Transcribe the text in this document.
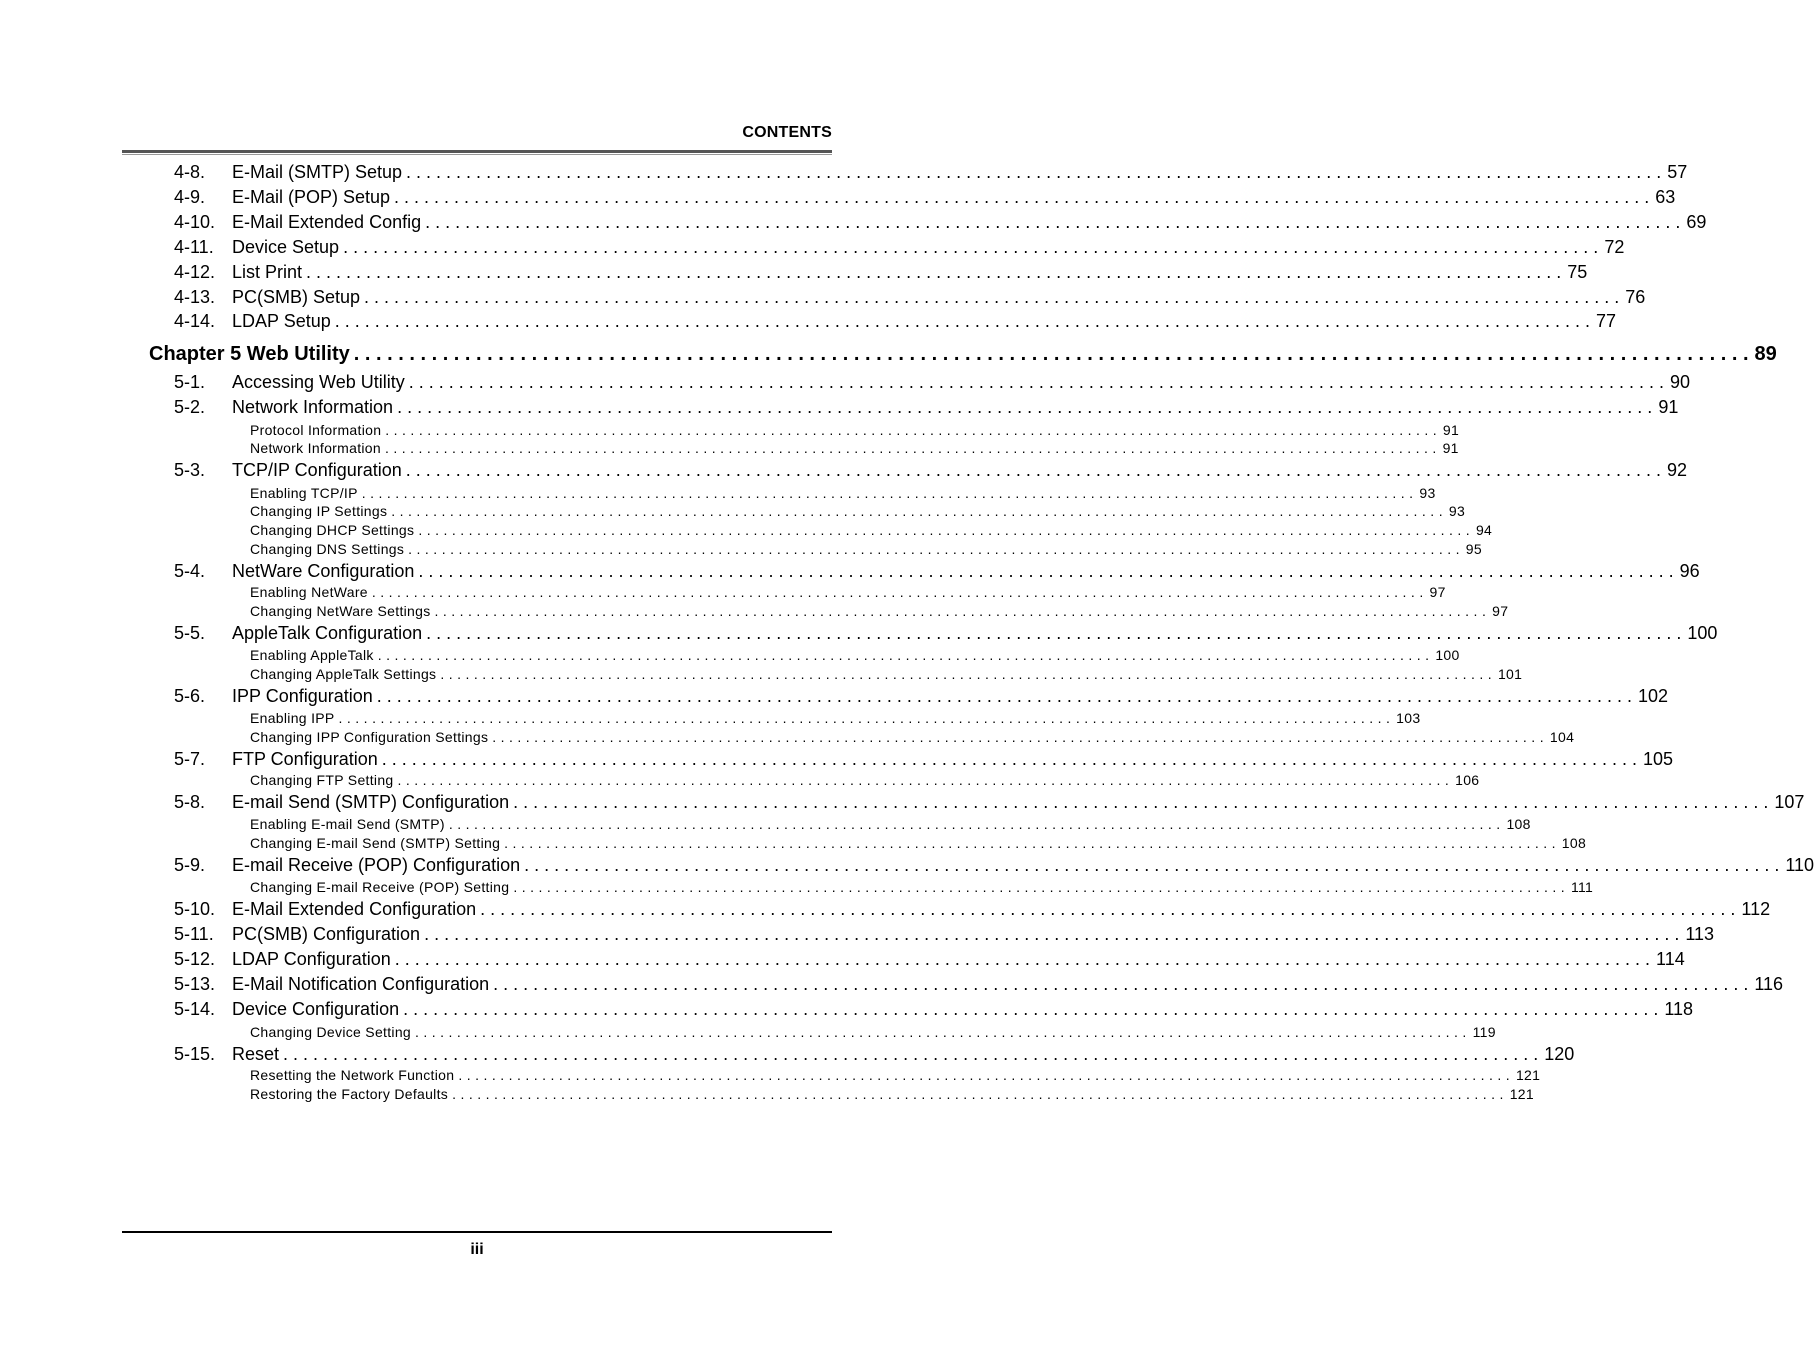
CONTENTS
4-8. E-Mail (SMTP) Setup . . .	57
4-9. E-Mail (POP) Setup . . .	63
4-10. E-Mail Extended Config . . .	69
4-11. Device Setup . . .	72
4-12. List Print . . .	75
4-13. PC(SMB) Setup . . .	76
4-14. LDAP Setup . . .	77
Chapter 5 Web Utility . . .	89
5-1. Accessing Web Utility . . .	90
5-2. Network Information . . .	91
Protocol Information . . .	91
Network Information . . .	91
5-3. TCP/IP Configuration . . .	92
Enabling TCP/IP . . .	93
Changing IP Settings . . .	93
Changing DHCP Settings . . .	94
Changing DNS Settings . . .	95
5-4. NetWare Configuration . . .	96
Enabling NetWare . . .	97
Changing NetWare Settings . . .	97
5-5. AppleTalk Configuration . . .	100
Enabling AppleTalk . . .	100
Changing AppleTalk Settings . . .	101
5-6. IPP Configuration . . .	102
Enabling IPP . . .	103
Changing IPP Configuration Settings . . .	104
5-7. FTP Configuration . . .	105
Changing FTP Setting . . .	106
5-8. E-mail Send (SMTP) Configuration . . .	107
Enabling E-mail Send (SMTP) . . .	108
Changing E-mail Send (SMTP) Setting . . .	108
5-9. E-mail Receive (POP) Configuration . . .	110
Changing E-mail Receive (POP) Setting . . .	111
5-10. E-Mail Extended Configuration . . .	112
5-11. PC(SMB) Configuration . . .	113
5-12. LDAP Configuration . . .	114
5-13. E-Mail Notification Configuration . . .	116
5-14. Device Configuration . . .	118
Changing Device Setting . . .	119
5-15. Reset . . .	120
Resetting the Network Function . . .	121
Restoring the Factory Defaults . . .	121
iii
